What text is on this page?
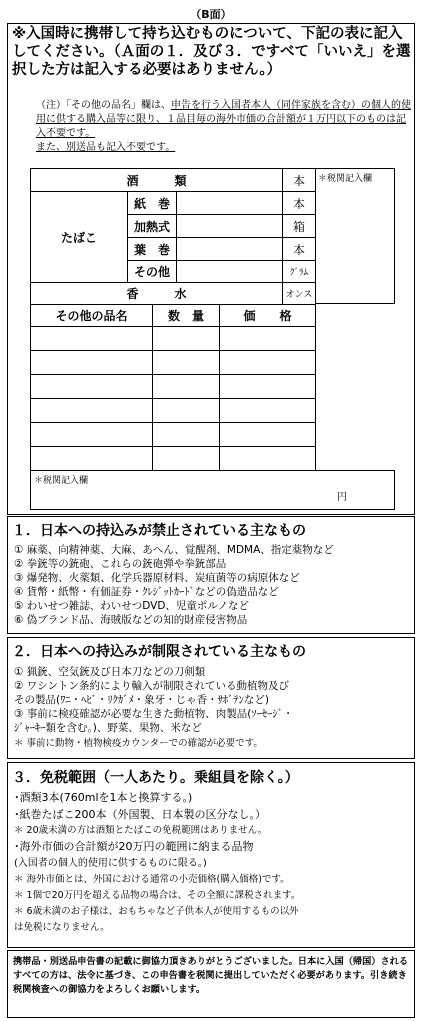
（B面）
※入国時に携帯して持ち込むものについて、下記の表に記入してください。（Ａ面の１．及び３．ですべて「いいえ」を選択した方は記入する必要はありません。）
（注）「その他の品名」欄は、申告を行う入国者本人（同伴家族を含む）の個人的使用に供する購入品等に限り、１品目毎の海外市価の合計額が１万円以下のものは記入不要です。
また、別送品も記入不要です。
酒　　　類	本	＊税関記入欄
たばこ
紙　巻	本
加熱式	箱
葉　巻	本
その他	ｸﾞﾗﾑ
香　　　水	オンス
その他の品名	数　量	価　　格
＊税関記入欄
円
１．日本への持込みが禁止されている主なもの
① 麻薬、向精神薬、大麻、あへん、覚醒剤、MDMA、指定薬物など
② 拳銃等の銃砲、これらの銃砲弾や拳銃部品
③ 爆発物、火薬類、化学兵器原材料、炭疽菌等の病原体など
④ 貨幣・紙幣・有価証券・ｸﾚｼﾞｯﾄｶｰﾄﾞなどの偽造品など
⑤ わいせつ雑誌、わいせつDVD、児童ポルノなど
⑥ 偽ブランド品、海賊版などの知的財産侵害物品
２．日本への持込みが制限されている主なもの
① 猟銃、空気銃及び日本刀などの刀剣類
② ワシントン条約により輸入が制限されている動植物及び
その製品(ﾜﾆ・ﾍﾋﾞ・ﾘｸｶﾞﾒ・象牙・じゃ香・ｻﾎﾞﾃﾝなど)
③ 事前に検疫確認が必要な生きた動植物、肉製品(ｿｰｾｰｼﾞ・
ｼﾞｬｰｷｰ類を含む。)、野菜、果物、米など
＊ 事前に動物・植物検疫カウンターでの確認が必要です。
３．免税範囲（一人あたり。乗組員を除く。）
･酒類3本(760mlを1本と換算する。)
･紙巻たばこ200本（外国製、日本製の区分なし。）
＊ 20歳未満の方は酒類とたばこの免税範囲はありません。
･海外市価の合計額が20万円の範囲に納まる品物
(入国者の個人的使用に供するものに限る。)
＊ 海外市価とは、外国における通常の小売価格(購入価格)です。
＊ 1個で20万円を超える品物の場合は、その全額に課税されます。
＊ 6歳未満のお子様は、おもちゃなど子供本人が使用するもの以外
は免税になりません。
携帯品・別送品申告書の記載に御協力頂きありがとうございました。日本に入国（帰国）されるすべての方は、法令に基づき、この申告書を税関に提出していただく必要があります。引き続き税関検査への御協力をよろしくお願いします。
